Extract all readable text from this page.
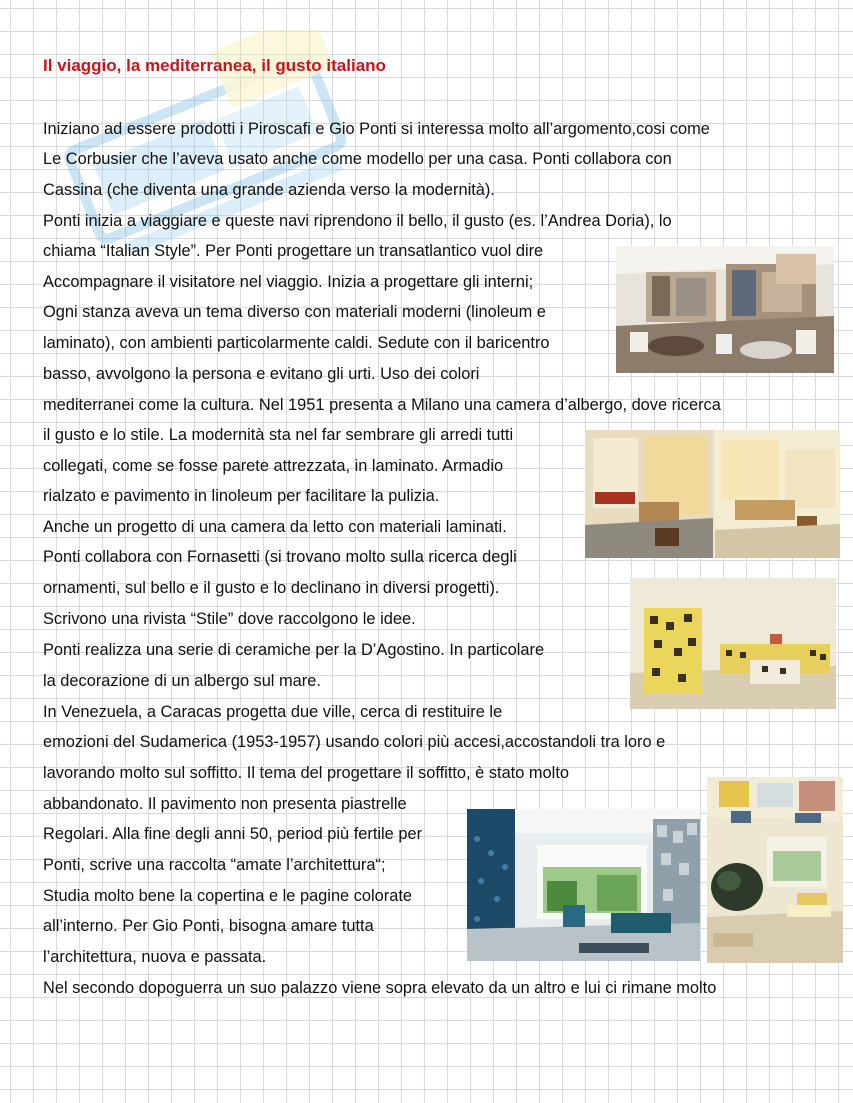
Il viaggio, la mediterranea, il gusto italiano
Iniziano ad essere prodotti i Piroscafi e Gio Ponti si interessa molto all’argomento,cosi come
Le Corbusier che l’aveva usato anche come modello per una casa. Ponti collabora con
Cassina (che diventa una grande azienda verso la modernità).
Ponti inizia a viaggiare e queste navi riprendono il bello, il gusto (es. l’Andrea Doria), lo
chiama “Italian Style”. Per Ponti progettare un transatlantico vuol dire
Accompagnare il visitatore nel viaggio. Inizia a progettare gli interni;
Ogni stanza aveva un tema diverso con materiali moderni (linoleum e
laminato), con ambienti particolarmente caldi. Sedute con il baricentro
basso, avvolgono la persona e evitano gli urti. Uso dei colori
mediterranei come la cultura. Nel 1951 presenta a Milano una camera d’albergo, dove ricerca
il gusto e lo stile. La modernità sta nel far sembrare gli arredi tutti
collegati, come se fosse parete attrezzata, in laminato. Armadio
rialzato e pavimento in linoleum per facilitare la pulizia.
Anche un progetto di una camera da letto con materiali laminati.
Ponti collabora con Fornasetti (si trovano molto sulla ricerca degli
ornamenti, sul bello e il gusto e lo declinano in diversi progetti).
Scrivono una rivista “Stile” dove raccolgono le idee.
Ponti realizza una serie di ceramiche per la D’Agostino. In particolare
la decorazione di un albergo sul mare.
In Venezuela, a Caracas progetta due ville, cerca di restituire le
emozioni del Sudamerica (1953-1957) usando colori più accesi,accostandoli tra loro e
lavorando molto sul soffitto. Il tema del progettare il soffitto, è stato molto
abbandonato. Il pavimento non presenta piastrelle
Regolari. Alla fine degli anni 50, period più fertile per
Ponti, scrive una raccolta “amate l’architettura“;
Studia molto bene la copertina e le pagine colorate
all’interno. Per Gio Ponti, bisogna amare tutta
l’architettura, nuova e passata.
Nel secondo dopoguerra un suo palazzo viene sopra elevato da un altro e lui ci rimane molto
